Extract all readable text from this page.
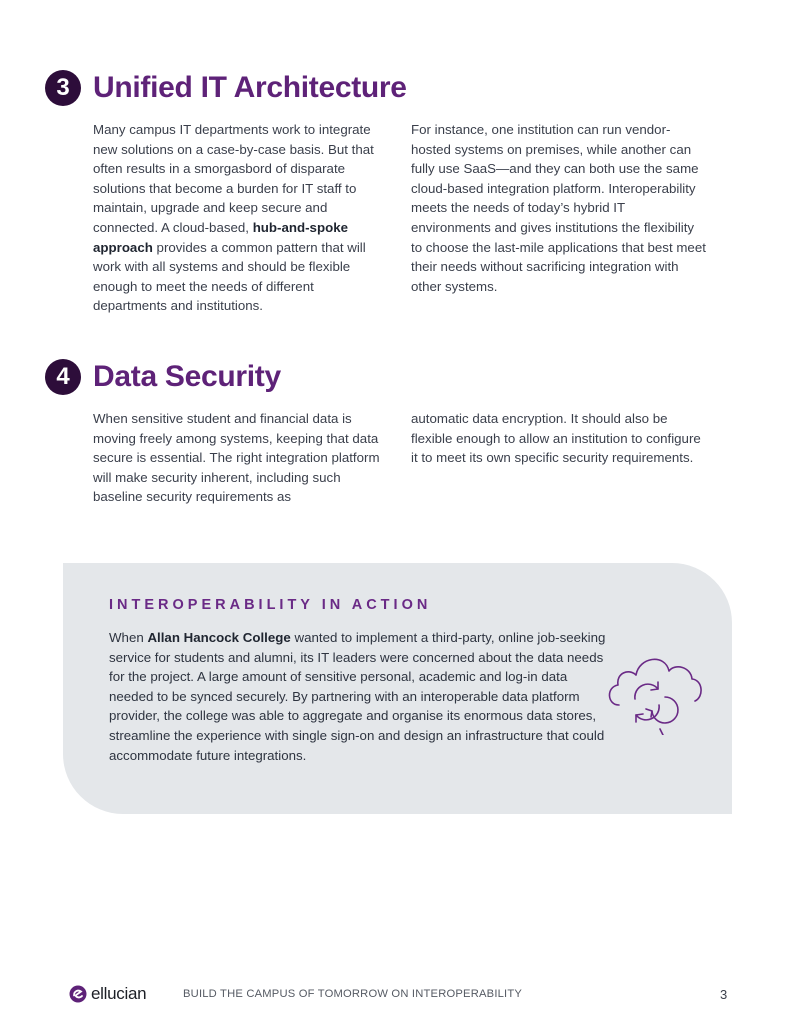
3 Unified IT Architecture

Many campus IT departments work to integrate new solutions on a case-by-case basis. But that often results in a smorgasbord of disparate solutions that become a burden for IT staff to maintain, upgrade and keep secure and connected. A cloud-based, hub-and-spoke approach provides a common pattern that will work with all systems and should be flexible enough to meet the needs of different departments and institutions.

For instance, one institution can run vendor-hosted systems on premises, while another can fully use SaaS—and they can both use the same cloud-based integration platform. Interoperability meets the needs of today’s hybrid IT environments and gives institutions the flexibility to choose the last-mile applications that best meet their needs without sacrificing integration with other systems.

4 Data Security

When sensitive student and financial data is moving freely among systems, keeping that data secure is essential. The right integration platform will make security inherent, including such baseline security requirements as

automatic data encryption. It should also be flexible enough to allow an institution to configure it to meet its own specific security requirements.

INTEROPERABILITY IN ACTION

When Allan Hancock College wanted to implement a third-party, online job-seeking service for students and alumni, its IT leaders were concerned about the data needs for the project. A large amount of sensitive personal, academic and log-in data needed to be synced securely. By partnering with an interoperable data platform provider, the college was able to aggregate and organise its enormous data stores, streamline the experience with single sign-on and design an infrastructure that could accommodate future integrations.

ellucian	BUILD THE CAMPUS OF TOMORROW ON INTEROPERABILITY	3
